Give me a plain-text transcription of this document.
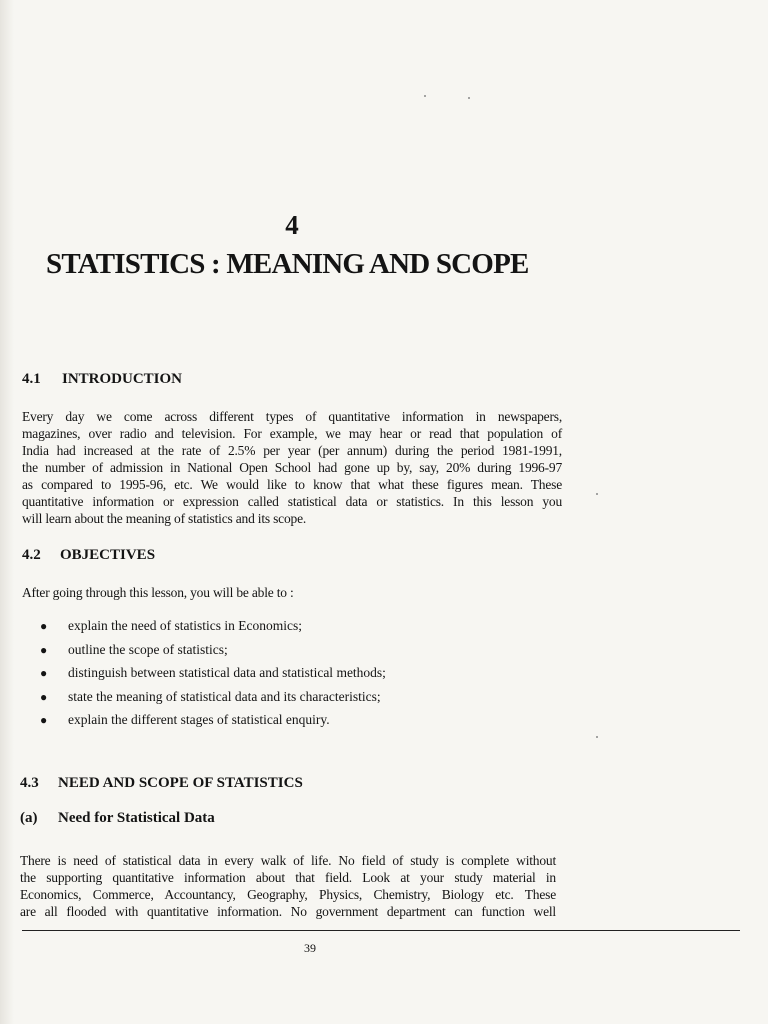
4
STATISTICS : MEANING AND SCOPE
4.1 INTRODUCTION
Every day we come across different types of quantitative information in newspapers,
magazines, over radio and television. For example, we may hear or read that population of
India had increased at the rate of 2.5% per year (per annum) during the period 1981-1991,
the number of admission in National Open School had gone up by, say, 20% during 1996-97
as compared to 1995-96, etc. We would like to know that what these figures mean. These
quantitative information or expression called statistical data or statistics. In this lesson you
will learn about the meaning of statistics and its scope.
4.2 OBJECTIVES
After going through this lesson, you will be able to :
● explain the need of statistics in Economics;
● outline the scope of statistics;
● distinguish between statistical data and statistical methods;
● state the meaning of statistical data and its characteristics;
● explain the different stages of statistical enquiry.
4.3 NEED AND SCOPE OF STATISTICS
(a) Need for Statistical Data
There is need of statistical data in every walk of life. No field of study is complete without
the supporting quantitative information about that field. Look at your study material in
Economics, Commerce, Accountancy, Geography, Physics, Chemistry, Biology etc. These
are all flooded with quantitative information. No government department can function well
39
